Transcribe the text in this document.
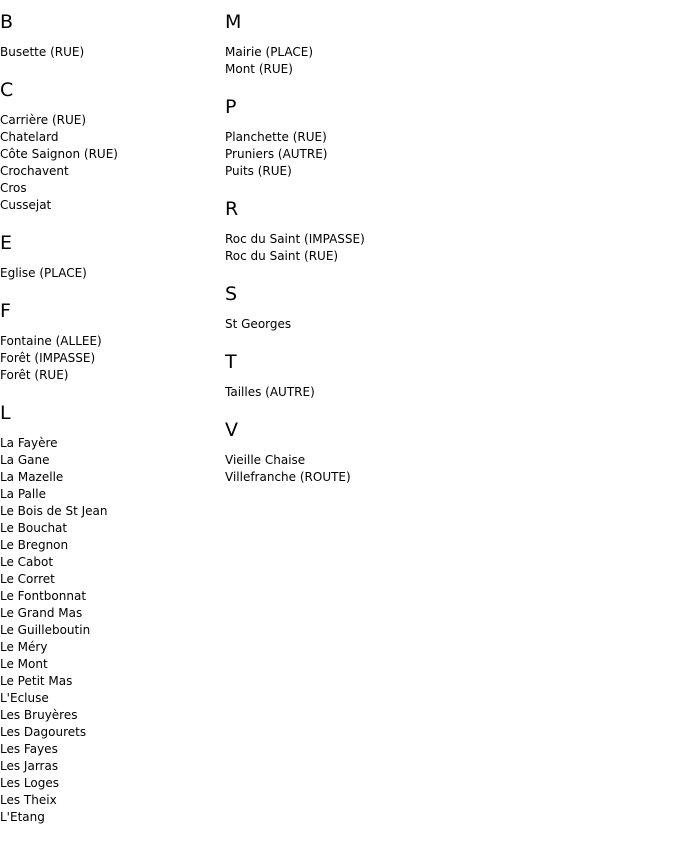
B
Busette (RUE)
C
Carrière (RUE)
Chatelard
Côte Saignon (RUE)
Crochavent
Cros
Cussejat
E
Eglise (PLACE)
F
Fontaine (ALLEE)
Forêt (IMPASSE)
Forêt (RUE)
L
La Fayère
La Gane
La Mazelle
La Palle
Le Bois de St Jean
Le Bouchat
Le Bregnon
Le Cabot
Le Corret
Le Fontbonnat
Le Grand Mas
Le Guilleboutin
Le Méry
Le Mont
Le Petit Mas
L'Ecluse
Les Bruyères
Les Dagourets
Les Fayes
Les Jarras
Les Loges
Les Theix
L'Etang
M
Mairie (PLACE)
Mont (RUE)
P
Planchette (RUE)
Pruniers (AUTRE)
Puits (RUE)
R
Roc du Saint (IMPASSE)
Roc du Saint (RUE)
S
St Georges
T
Tailles (AUTRE)
V
Vieille Chaise
Villefranche (ROUTE)
